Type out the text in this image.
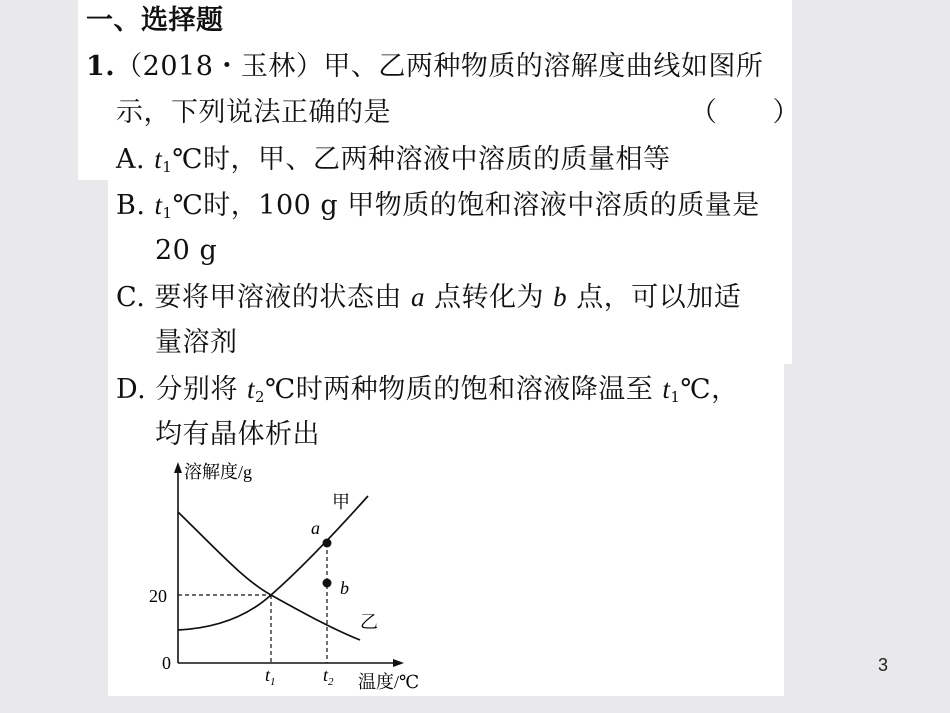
一、选择题
1.（2018・玉林）甲、乙两种物质的溶解度曲线如图所
示，下列说法正确的是	（　　）
A. $t_1℃$时，甲、乙两种溶液中溶质的质量相等
B. $t_1℃$时，100 g 甲物质的饱和溶液中溶质的质量是
20 g
C. 要将甲溶液的状态由 a 点转化为 b 点，可以加适
量溶剂
D. 分别将 $t_2℃$时两种物质的饱和溶液降温至 $t_1℃$，
均有晶体析出
溶解度/g
温度/℃
0
20
$t_1$	$t_2$
甲
乙
a
b
3
